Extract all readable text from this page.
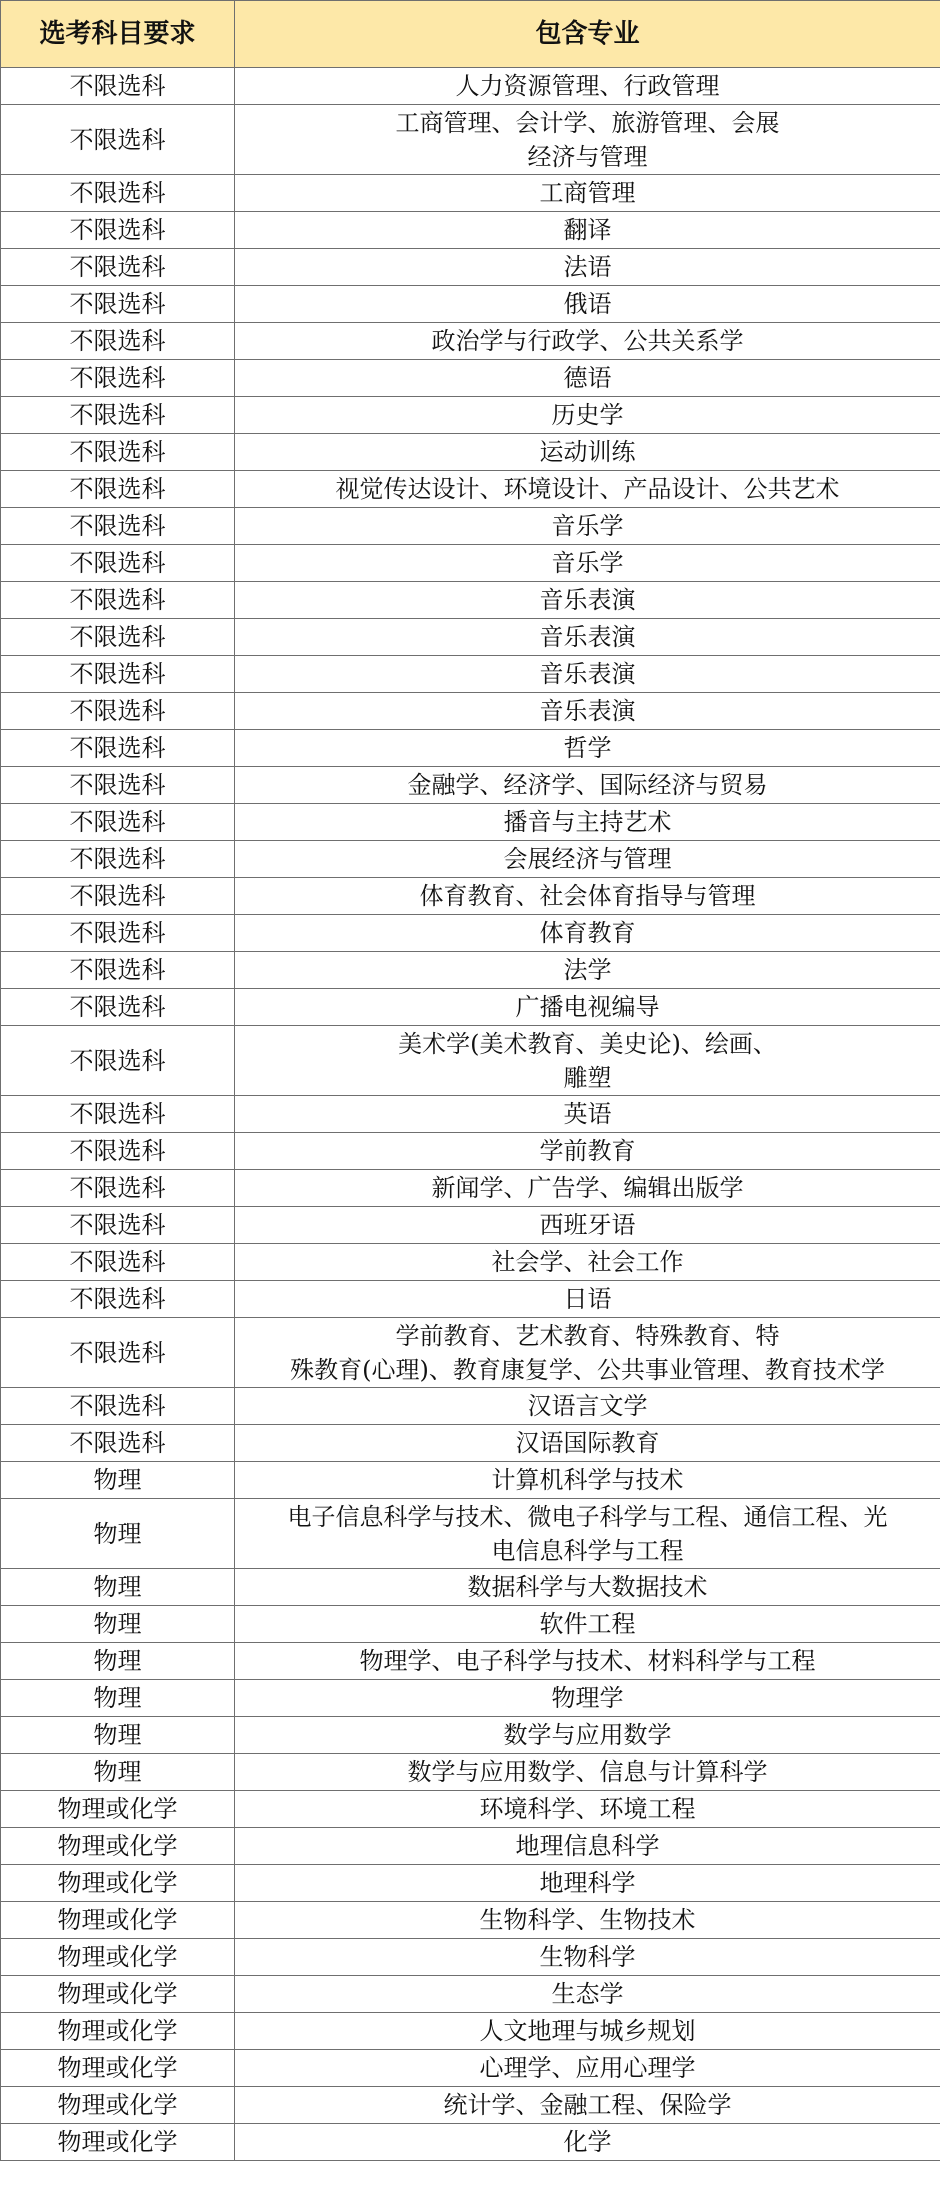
选考科目要求	包含专业
不限选科	人力资源管理、行政管理

不限选科	工商管理、会计学、旅游管理、会展
经济与管理

不限选科	工商管理

不限选科	翻译

不限选科	法语

不限选科	俄语

不限选科	政治学与行政学、公共关系学

不限选科	德语

不限选科	历史学

不限选科	运动训练

不限选科	视觉传达设计、环境设计、产品设计、公共艺术

不限选科	音乐学

不限选科	音乐学

不限选科	音乐表演

不限选科	音乐表演

不限选科	音乐表演

不限选科	音乐表演

不限选科	哲学

不限选科	金融学、经济学、国际经济与贸易

不限选科	播音与主持艺术

不限选科	会展经济与管理

不限选科	体育教育、社会体育指导与管理

不限选科	体育教育

不限选科	法学

不限选科	广播电视编导

不限选科	美术学(美术教育、美史论)、绘画、
雕塑

不限选科	英语

不限选科	学前教育

不限选科	新闻学、广告学、编辑出版学

不限选科	西班牙语

不限选科	社会学、社会工作

不限选科	日语

不限选科	学前教育、艺术教育、特殊教育、特
殊教育(心理)、教育康复学、公共事业管理、教育技术学

不限选科	汉语言文学

不限选科	汉语国际教育

物理	计算机科学与技术

物理	电子信息科学与技术、微电子科学与工程、通信工程、光
电信息科学与工程

物理	数据科学与大数据技术

物理	软件工程

物理	物理学、电子科学与技术、材料科学与工程

物理	物理学

物理	数学与应用数学

物理	数学与应用数学、信息与计算科学

物理或化学	环境科学、环境工程

物理或化学	地理信息科学

物理或化学	地理科学

物理或化学	生物科学、生物技术

物理或化学	生物科学

物理或化学	生态学

物理或化学	人文地理与城乡规划

物理或化学	心理学、应用心理学

物理或化学	统计学、金融工程、保险学

物理或化学	化学
